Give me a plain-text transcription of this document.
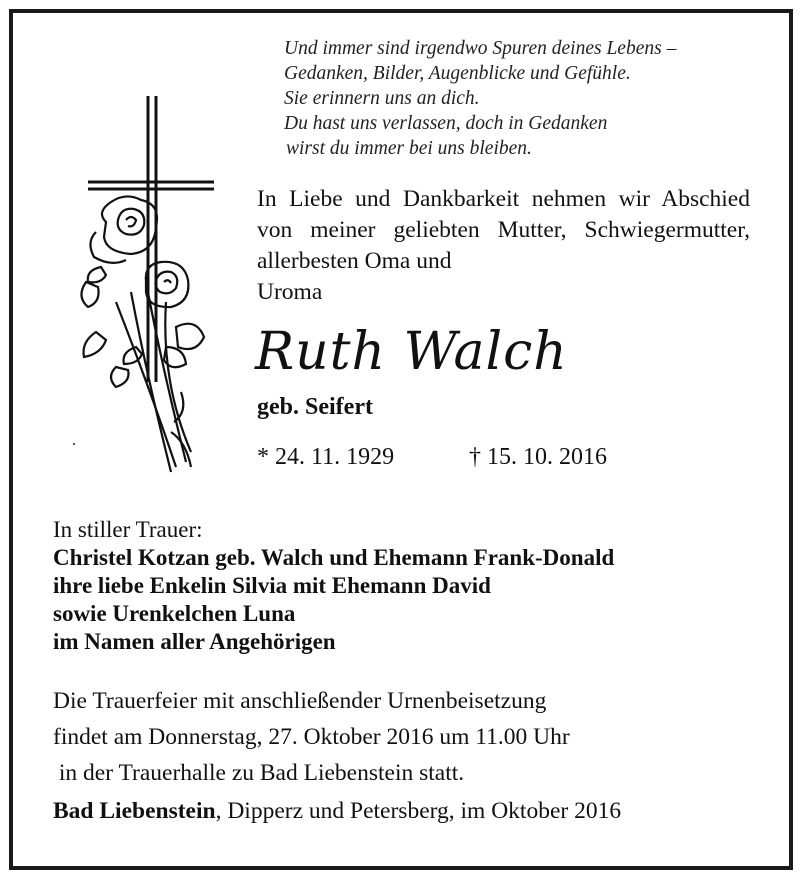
Und immer sind irgendwo Spuren deines Lebens –
Gedanken, Bilder, Augenblicke und Gefühle.
Sie erinnern uns an dich.
Du hast uns verlassen, doch in Gedanken
wirst du immer bei uns bleiben.
In Liebe und Dankbarkeit nehmen wir Abschied von meiner geliebten Mutter, Schwiegermutter, allerbesten Oma und
Uroma
Ruth Walch
geb. Seifert
* 24. 11. 1929	† 15. 10. 2016
In stiller Trauer:
Christel Kotzan geb. Walch und Ehemann Frank-Donald
ihre liebe Enkelin Silvia mit Ehemann David
sowie Urenkelchen Luna
im Namen aller Angehörigen
Die Trauerfeier mit anschließender Urnenbeisetzung
findet am Donnerstag, 27. Oktober 2016 um 11.00 Uhr
in der Trauerhalle zu Bad Liebenstein statt.
Bad Liebenstein, Dipperz und Petersberg, im Oktober 2016
